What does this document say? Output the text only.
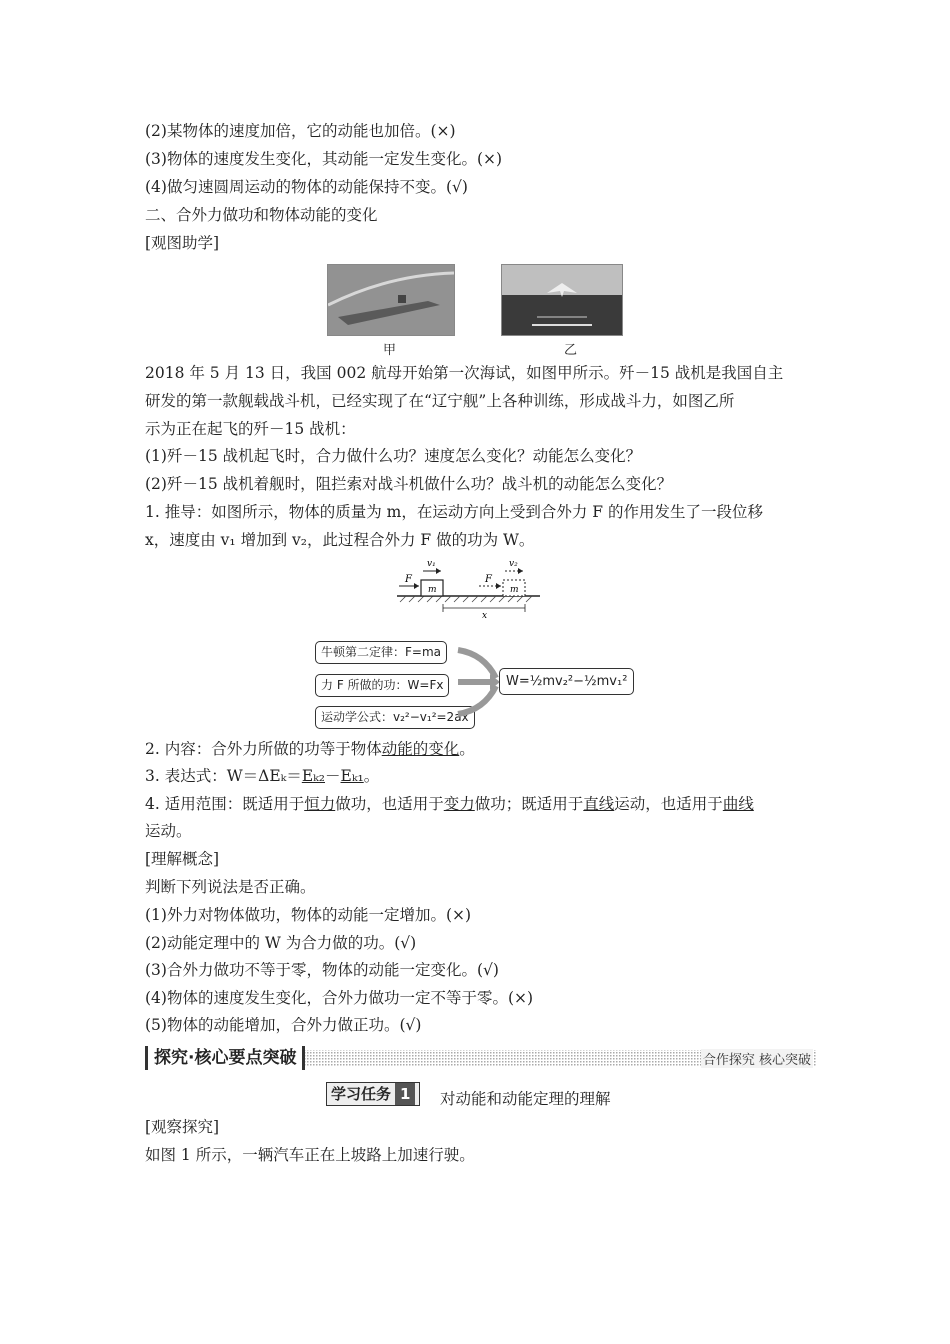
(2)某物体的速度加倍，它的动能也加倍。(×)
(3)物体的速度发生变化，其动能一定发生变化。(×)
(4)做匀速圆周运动的物体的动能保持不变。(√)
二、合外力做功和物体动能的变化
[观图助学]
甲	乙
2018 年 5 月 13 日，我国 002 航母开始第一次海试，如图甲所示。歼－15 战机是我国自主
研发的第一款舰载战斗机，已经实现了在“辽宁舰”上各种训练，形成战斗力，如图乙所
示为正在起飞的歼－15 战机：
(1)歼－15 战机起飞时，合力做什么功？速度怎么变化？动能怎么变化？
(2)歼－15 战机着舰时，阻拦索对战斗机做什么功？战斗机的动能怎么变化？
1. 推导：如图所示，物体的质量为 m，在运动方向上受到合外力 F 的作用发生了一段位移
x，速度由 v₁ 增加到 v₂，此过程合外力 F 做的功为 W。
F	F
v₁	v₂
m	m
x
牛顿第二定律：F=ma
力 F 所做的功：W=Fx
运动学公式：v₂²−v₁²=2ax
W=½mv₂²−½mv₁²
2. 内容：合外力所做的功等于物体动能的变化。
3. 表达式：W＝ΔEₖ＝Eₖ₂－Eₖ₁。
4. 适用范围：既适用于恒力做功，也适用于变力做功；既适用于直线运动，也适用于曲线
运动。
[理解概念]
判断下列说法是否正确。
(1)外力对物体做功，物体的动能一定增加。(×)
(2)动能定理中的 W 为合力做的功。(√)
(3)合外力做功不等于零，物体的动能一定变化。(√)
(4)物体的速度发生变化，合外力做功一定不等于零。(×)
(5)物体的动能增加，合外力做正功。(√)
探究·核心要点突破	合作探究 核心突破
学习任务 1	对动能和动能定理的理解
[观察探究]
如图 1 所示，一辆汽车正在上坡路上加速行驶。
